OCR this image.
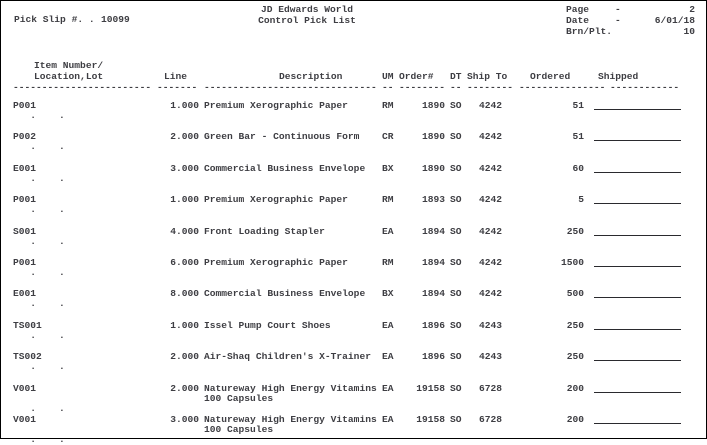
Pick Slip #. . 10099
JD Edwards World
Control Pick List
Page	-	2
Date	-	6/01/18
Brn/Plt.	10
Item Number/
Location,Lot	Line	Description	UM Order#	DT Ship To	Ordered	Shipped
------------------------ ------- ------------------------------ -- -------- -- -------- --------------- ------------
P001	1.000 Premium Xerographic Paper	RM	1890 SO	4242	51
.    .
P002	2.000 Green Bar - Continuous Form	CR	1890 SO	4242	51
.    .
E001	3.000 Commercial Business Envelope	BX	1890 SO	4242	60
.    .
P001	1.000 Premium Xerographic Paper	RM	1893 SO	4242	5
.    .
S001	4.000 Front Loading Stapler	EA	1894 SO	4242	250
.    .
P001	6.000 Premium Xerographic Paper	RM	1894 SO	4242	1500
.    .
E001	8.000 Commercial Business Envelope	BX	1894 SO	4242	500
.    .
TS001	1.000 Issel Pump Court Shoes	EA	1896 SO	4243	250
.    .
TS002	2.000 Air-Shaq Children's X-Trainer	EA	1896 SO	4243	250
.    .
V001	2.000 Natureway High Energy Vitamins EA	19158 SO	6728	200
100 Capsules
.    .
V001	3.000 Natureway High Energy Vitamins EA	19158 SO	6728	200
100 Capsules
.    .
